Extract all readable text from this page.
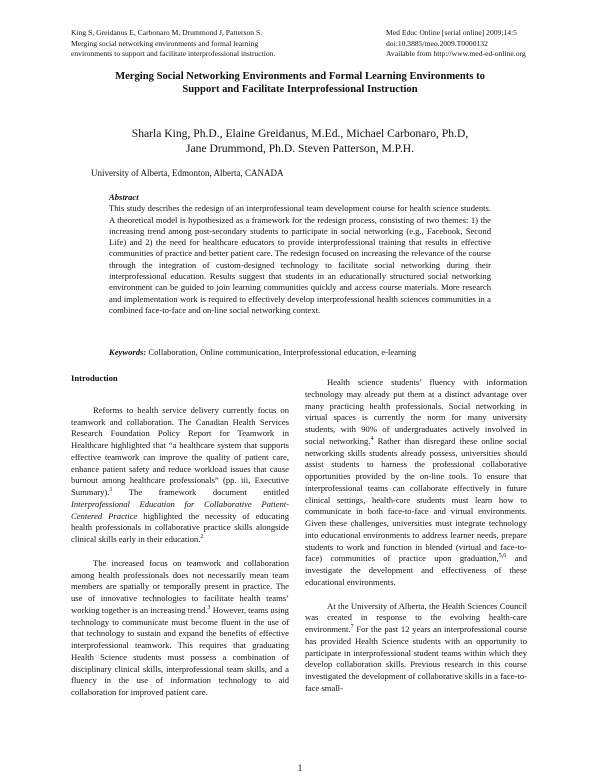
King S, Greidanus E, Carbonaro M, Drummond J, Patterson S.
Merging social networking environments and formal learning
environments to support and facilitate interprofessional instruction.
Med Educ Online [serial online] 2009;14:5
doi:10.3885/meo.2009.T0000132
Available from http://www.med-ed-online.org
Merging Social Networking Environments and Formal Learning Environments to Support and Facilitate Interprofessional Instruction
Sharla King, Ph.D., Elaine Greidanus, M.Ed., Michael Carbonaro, Ph.D,
Jane Drummond, Ph.D. Steven Patterson, M.P.H.
University of Alberta, Edmonton, Alberta, CANADA
Abstract
This study describes the redesign of an interprofessional team development course for health science students. A theoretical model is hypothesized as a framework for the redesign process, consisting of two themes: 1) the increasing trend among post-secondary students to participate in social networking (e.g., Facebook, Second Life) and 2) the need for healthcare educators to provide interprofessional training that results in effective communities of practice and better patient care. The redesign focused on increasing the relevance of the course through the integration of custom-designed technology to facilitate social networking during their interprofessional education. Results suggest that students in an educationally structured social networking environment can be guided to join learning communities quickly and access course materials. More research and implementation work is required to effectively develop interprofessional health sciences communities in a combined face-to-face and on-line social networking context.
Keywords: Collaboration, Online communication, Interprofessional education, e-learning
Introduction

Reforms to health service delivery currently focus on teamwork and collaboration. The Canadian Health Services Research Foundation Policy Report for Teamwork in Healthcare highlighted that “a healthcare system that supports effective teamwork can improve the quality of patient care, enhance patient safety and reduce workload issues that cause burnout among healthcare professionals” (pp. iii, Executive Summary).$^1$ The framework document entitled Interprofessional Education for Collaborative Patient-Centered Practice highlighted the necessity of educating health professionals in collaborative practice skills alongside clinical skills early in their education.$^2$

The increased focus on teamwork and collaboration among health professionals does not necessarily mean team members are spatially or temporally present in practice. The use of innovative technologies to facilitate health teams’ working together is an increasing trend.$^3$ However, teams using technology to communicate must become fluent in the use of that technology to sustain and expand the benefits of effective interprofessional teamwork. This requires that graduating Health Science students must possess a combination of disciplinary clinical skills, interprofessional team skills, and a fluency in the use of information technology to aid collaboration for improved patient care.

Health science students’ fluency with information technology may already put them at a distinct advantage over many practicing health professionals. Social networking in virtual spaces is currently the norm for many university students, with 90% of undergraduates actively involved in social networking.$^4$ Rather than disregard these online social networking skills students already possess, universities should assist students to harness the professional collaborative opportunities provided by the on-line tools. To ensure that interprofessional teams can collaborate effectively in future clinical settings, health-care students must learn how to communicate in both face-to-face and virtual environments. Given these challenges, universities must integrate technology into educational environments to address learner needs, prepare students to work and function in blended (virtual and face-to-face) communities of practice upon graduation,$^{5,6}$ and investigate the development and effectiveness of these educational environments.

At the University of Alberta, the Health Sciences Council was created in response to the evolving health-care environment.$^7$ For the past 12 years an interprofessional course has provided Health Science students with an opportunity to participate in interprofessional student teams within which they develop collaboration skills. Previous research in this course investigated the development of collaborative skills in a face-to-face small-

1
